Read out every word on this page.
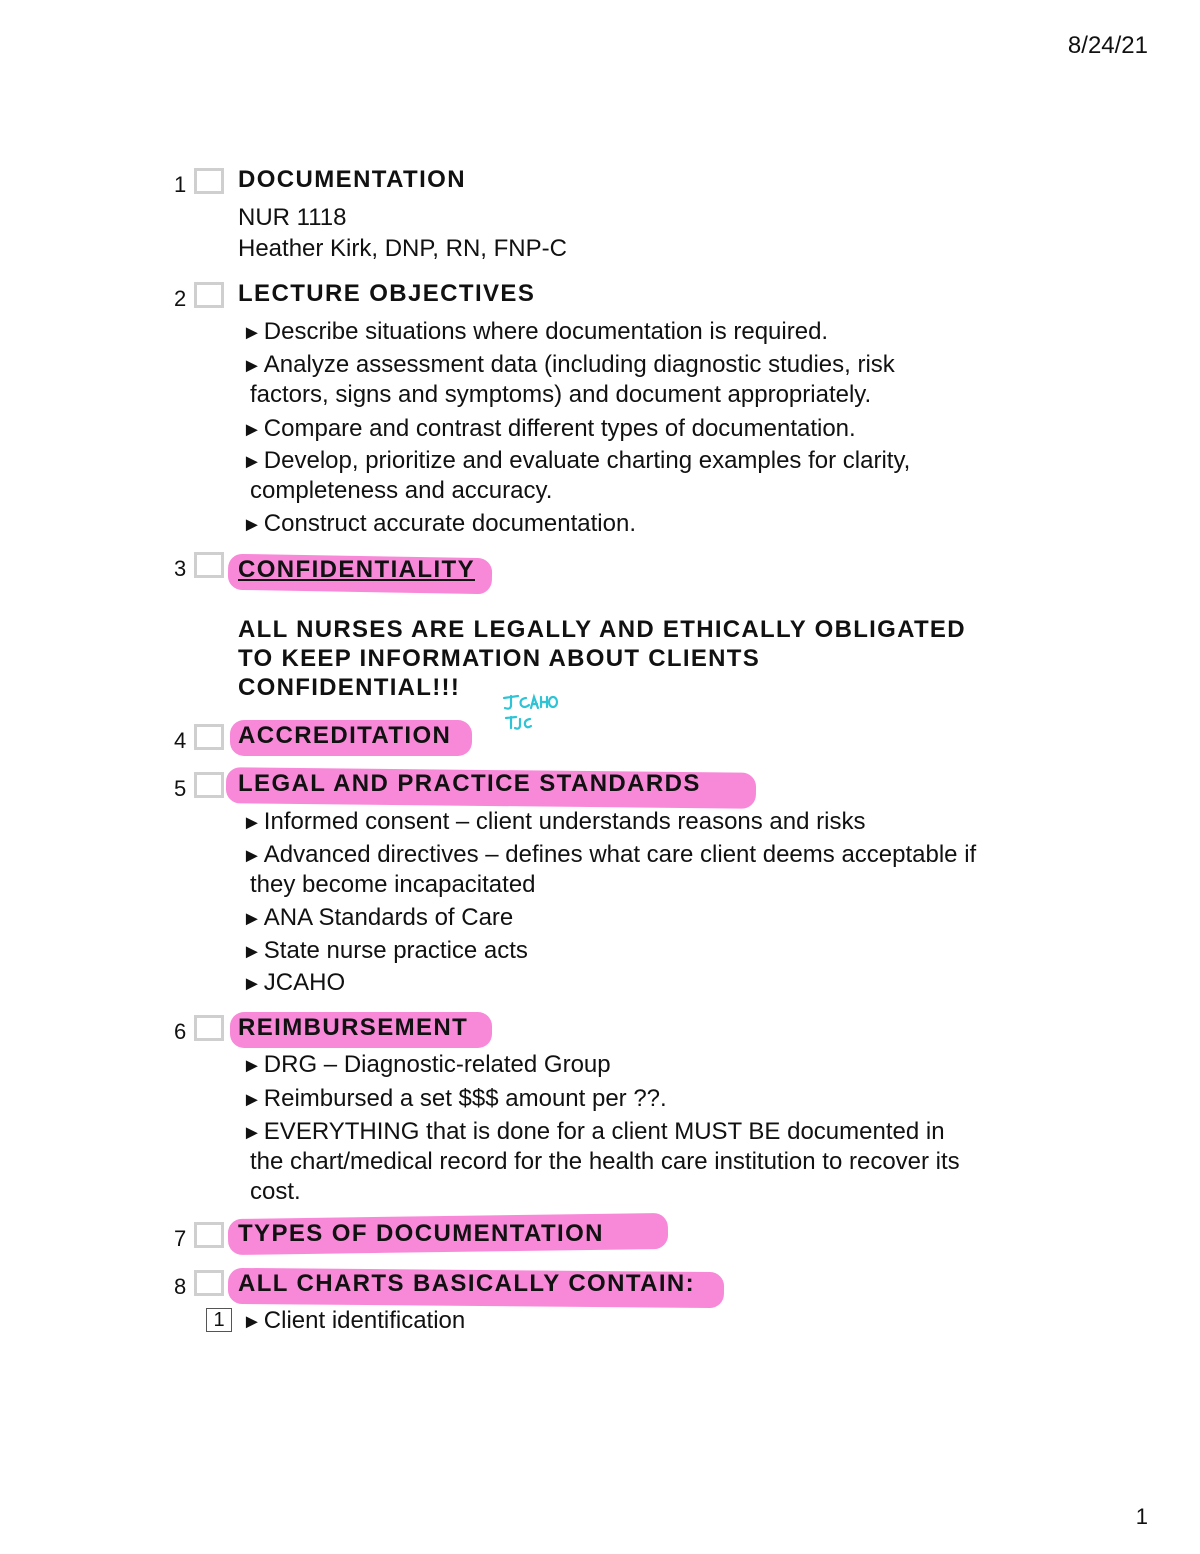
8/24/21
1 DOCUMENTATION
NUR 1118
Heather Kirk, DNP, RN, FNP-C
2 LECTURE OBJECTIVES
►Describe situations where documentation is required.
►Analyze assessment data (including diagnostic studies, risk
factors, signs and symptoms) and document appropriately.
►Compare and contrast different types of documentation.
►Develop, prioritize and evaluate charting examples for clarity,
completeness and accuracy.
►Construct accurate documentation.
3 CONFIDENTIALITY
ALL NURSES ARE LEGALLY AND ETHICALLY OBLIGATED
TO KEEP INFORMATION ABOUT CLIENTS
CONFIDENTIAL!!!
4 ACCREDITATION
5 LEGAL AND PRACTICE STANDARDS
►Informed consent – client understands reasons and risks
►Advanced directives – defines what care client deems acceptable if
they become incapacitated
►ANA Standards of Care
►State nurse practice acts
►JCAHO
6 REIMBURSEMENT
►DRG – Diagnostic-related Group
►Reimbursed a set $$$ amount per ??.
►EVERYTHING that is done for a client MUST BE documented in
the chart/medical record for the health care institution to recover its
cost.
7 TYPES OF DOCUMENTATION
8 ALL CHARTS BASICALLY CONTAIN:
1 ►Client identification
1
